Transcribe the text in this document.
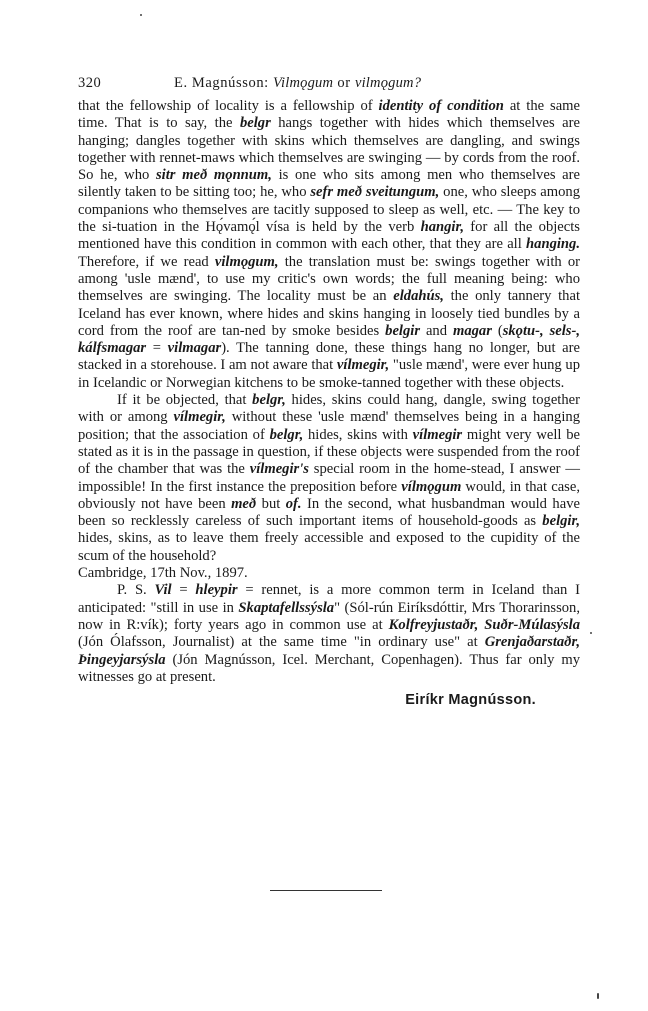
320	E. Magnússon: Vilmǫgum or vilmǫgum?

that the fellowship of locality is a fellowship of identity of condition at the same time. That is to say, the belgr hangs together with hides which themselves are hanging; dangles together with skins which themselves are dangling, and swings together with rennet-maws which themselves are swinging — by cords from the roof. So he, who sitr með mǫnnum, is one who sits among men who themselves are silently taken to be sitting too; he, who sefr með sveitungum, one, who sleeps among companions who themselves are tacitly supposed to sleep as well, etc. — The key to the si-tuation in the Hǫ́vamǫ́l vísa is held by the verb hangir, for all the objects mentioned have this condition in common with each other, that they are all hanging. Therefore, if we read vilmǫgum, the translation must be: swings together with or among 'usle mænd', to use my critic's own words; the full meaning being: who themselves are swinging. The locality must be an eldahús, the only tannery that Iceland has ever known, where hides and skins hanging in loosely tied bundles by a cord from the roof are tan-ned by smoke besides belgir and magar (skǫtu-, sels-, kálfsmagar = vilmagar). The tanning done, these things hang no longer, but are stacked in a storehouse. I am not aware that vílmegir, "usle mænd', were ever hung up in Icelandic or Norwegian kitchens to be smoke-tanned together with these objects.

If it be objected, that belgr, hides, skins could hang, dangle, swing together with or among vílmegir, without these 'usle mænd' themselves being in a hanging position; that the association of belgr, hides, skins with vílmegir might very well be stated as it is in the passage in question, if these objects were suspended from the roof of the chamber that was the vílmegir's special room in the home-stead, I answer — impossible! In the first instance the preposition before vílmǫgum would, in that case, obviously not have been með but of. In the second, what husbandman would have been so recklessly careless of such important items of household-goods as belgir, hides, skins, as to leave them freely accessible and exposed to the cupidity of the scum of the household?

Cambridge, 17th Nov., 1897.

P. S. Vil = hleypir = rennet, is a more common term in Iceland than I anticipated: "still in use in Skaptafellssýsla" (Sól-rún Eiríksdóttir, Mrs Thorarinsson, now in R:vík); forty years ago in common use at Kolfreyjustaðr, Suðr-Múlasýsla (Jón Ólafsson, Journalist) at the same time "in ordinary use" at Grenjaðarstaðr, Þingeyjarsýsla (Jón Magnússon, Icel. Merchant, Copenhagen). Thus far only my witnesses go at present.

Eiríkr Magnússon.
